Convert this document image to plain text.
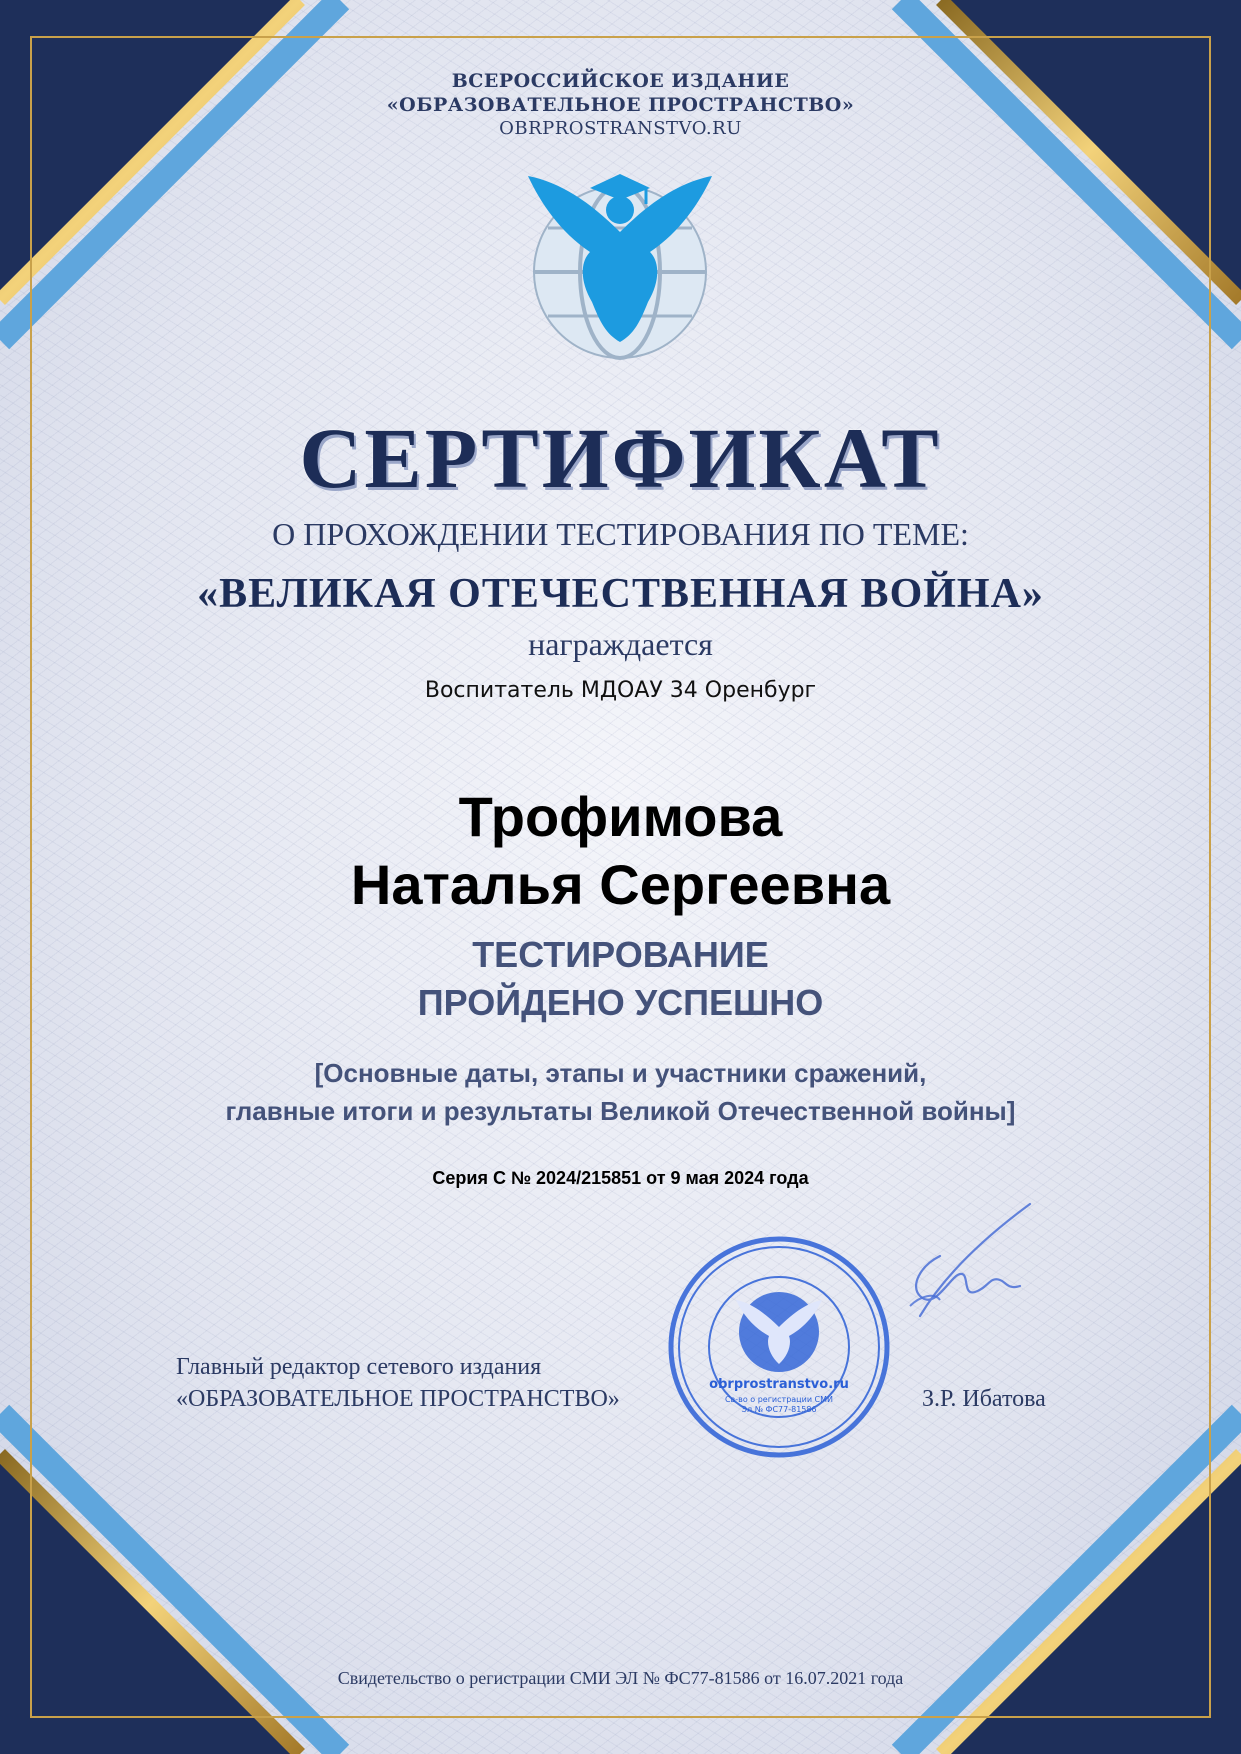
ВСЕРОССИЙСКОЕ ИЗДАНИЕ
«ОБРАЗОВАТЕЛЬНОЕ ПРОСТРАНСТВО»
OBRPROSTRANSTVO.RU
СЕРТИФИКАТ
О ПРОХОЖДЕНИИ ТЕСТИРОВАНИЯ ПО ТЕМЕ:
«ВЕЛИКАЯ ОТЕЧЕСТВЕННАЯ ВОЙНА»
награждается
Воспитатель МДОАУ 34 Оренбург
Трофимова
Наталья Сергеевна
ТЕСТИРОВАНИЕ
ПРОЙДЕНО УСПЕШНО
[Основные даты, этапы и участники сражений,
главные итоги и результаты Великой Отечественной войны]
Серия С № 2024/215851 от 9 мая 2024 года
Главный редактор сетевого издания
«ОБРАЗОВАТЕЛЬНОЕ ПРОСТРАНСТВО»	З.Р. Ибатова
obrprostranstvo.ru
Св-во о регистрации СМИ
Эл № ФС77-81586
Свидетельство о регистрации СМИ ЭЛ № ФС77-81586 от 16.07.2021 года
